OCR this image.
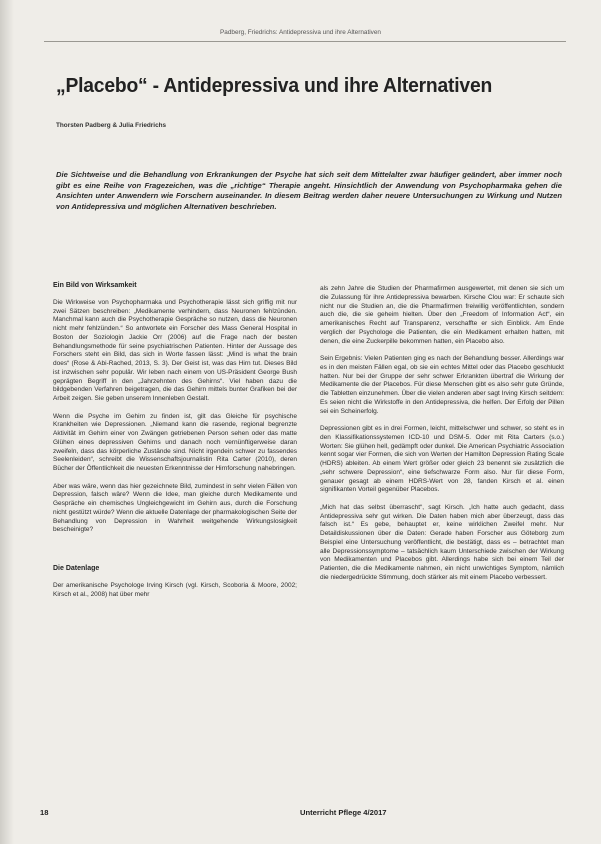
Padberg, Friedrichs: Antidepressiva und ihre Alternativen
„Placebo“ - Antidepressiva und ihre Alternativen
Thorsten Padberg & Julia Friedrichs
Die Sichtweise und die Behandlung von Erkrankungen der Psyche hat sich seit dem Mittelalter zwar häufiger geändert, aber immer noch gibt es eine Reihe von Fragezeichen, was die „richtige“ Therapie angeht. Hinsichtlich der Anwendung von Psychopharmaka gehen die Ansichten unter Anwendern wie Forschern auseinander. In diesem Beitrag werden daher neuere Untersuchungen zu Wirkung und Nutzen von Antidepressiva und möglichen Alternativen beschrieben.
Ein Bild von Wirksamkeit

Die Wirkweise von Psychopharmaka und Psychotherapie lässt sich griffig mit nur zwei Sätzen beschreiben: „Medikamente verhindern, dass Neuronen fehlzünden. Manchmal kann auch die Psychotherapie Gespräche so nutzen, dass die Neuronen nicht mehr fehlzünden.“ So antwortete ein Forscher des Mass General Hospital in Boston der Soziologin Jackie Orr (2006) auf die Frage nach der besten Behandlungsmethode für seine psychiatrischen Patienten. Hinter der Aussage des Forschers steht ein Bild, das sich in Worte fassen lässt: „Mind is what the brain does“ (Rose & Abi-Rached, 2013, S. 3). Der Geist ist, was das Hirn tut. Dieses Bild ist inzwischen sehr populär. Wir leben nach einem von US-Präsident George Bush geprägten Begriff in den „Jahrzehnten des Gehirns“. Viel haben dazu die bildgebenden Verfahren beigetragen, die das Gehirn mittels bunter Grafiken bei der Arbeit zeigen. Sie geben unserem Innenleben Gestalt.

Wenn die Psyche im Gehirn zu finden ist, gilt das Gleiche für psychische Krankheiten wie Depressionen. „Niemand kann die rasende, regional begrenzte Aktivität im Gehirn einer von Zwängen getriebenen Person sehen oder das matte Glühen eines depressiven Gehirns und danach noch vernünftigerweise daran zweifeln, dass das körperliche Zustände sind. Nicht irgendein schwer zu fassendes Seelenleiden“, schreibt die Wissenschaftsjournalistin Rita Carter (2010), deren Bücher der Öffentlichkeit die neuesten Erkenntnisse der Hirnforschung nahebringen.

Aber was wäre, wenn das hier gezeichnete Bild, zumindest in sehr vielen Fällen von Depression, falsch wäre? Wenn die Idee, man gleiche durch Medikamente und Gespräche ein chemisches Ungleichgewicht im Gehirn aus, durch die Forschung nicht gestützt würde? Wenn die aktuelle Datenlage der pharmakologischen Seite der Behandlung von Depression in Wahrheit weitgehende Wirkungslosigkeit bescheinigte?

Die Datenlage

Der amerikanische Psychologe Irving Kirsch (vgl. Kirsch, Scoboria & Moore, 2002; Kirsch et al., 2008) hat über mehr

als zehn Jahre die Studien der Pharmafirmen ausgewertet, mit denen sie sich um die Zulassung für ihre Antidepressiva bewarben. Kirsche Clou war: Er schaute sich nicht nur die Studien an, die die Pharmafirmen freiwillig veröffentlichten, sondern auch die, die sie geheim hielten. Über den „Freedom of Information Act“, ein amerikanisches Recht auf Transparenz, verschaffte er sich Einblick. Am Ende verglich der Psychologe die Patienten, die ein Medikament erhalten hatten, mit denen, die eine Zuckerpille bekommen hatten, ein Placebo also.

Sein Ergebnis: Vielen Patienten ging es nach der Behandlung besser. Allerdings war es in den meisten Fällen egal, ob sie ein echtes Mittel oder das Placebo geschluckt hatten. Nur bei der Gruppe der sehr schwer Erkrankten übertraf die Wirkung der Medikamente die der Placebos. Für diese Menschen gibt es also sehr gute Gründe, die Tabletten einzunehmen. Über die vielen anderen aber sagt Irving Kirsch seitdem: Es seien nicht die Wirkstoffe in den Antidepressiva, die helfen. Der Erfolg der Pillen sei ein Scheinerfolg.

Depressionen gibt es in drei Formen, leicht, mittelschwer und schwer, so steht es in den Klassifikationssystemen ICD-10 und DSM-5. Oder mit Rita Carters (s.o.) Worten: Sie glühen hell, gedämpft oder dunkel. Die American Psychiatric Association kennt sogar vier Formen, die sich von Werten der Hamilton Depression Rating Scale (HDRS) ableiten. Ab einem Wert größer oder gleich 23 benennt sie zusätzlich die „sehr schwere Depression“, eine tiefschwarze Form also. Nur für diese Form, genauer gesagt ab einem HDRS-Wert von 28, fanden Kirsch et al. einen signifikanten Vorteil gegenüber Placebos.

„Mich hat das selbst überrascht“, sagt Kirsch. „Ich hatte auch gedacht, dass Antidepressiva sehr gut wirken. Die Daten haben mich aber überzeugt, dass das falsch ist.“ Es gebe, behauptet er, keine wirklichen Zweifel mehr. Nur Detaildiskussionen über die Daten: Gerade haben Forscher aus Göteborg zum Beispiel eine Untersuchung veröffentlicht, die bestätigt, dass es – betrachtet man alle Depressionssymptome – tatsächlich kaum Unterschiede zwischen der Wirkung von Medikamenten und Placebos gibt. Allerdings habe sich bei einem Teil der Patienten, die die Medikamente nahmen, ein nicht unwichtiges Symptom, nämlich die niedergedrückte Stimmung, doch stärker als mit einem Placebo verbessert.

18	Unterricht Pflege 4/2017
